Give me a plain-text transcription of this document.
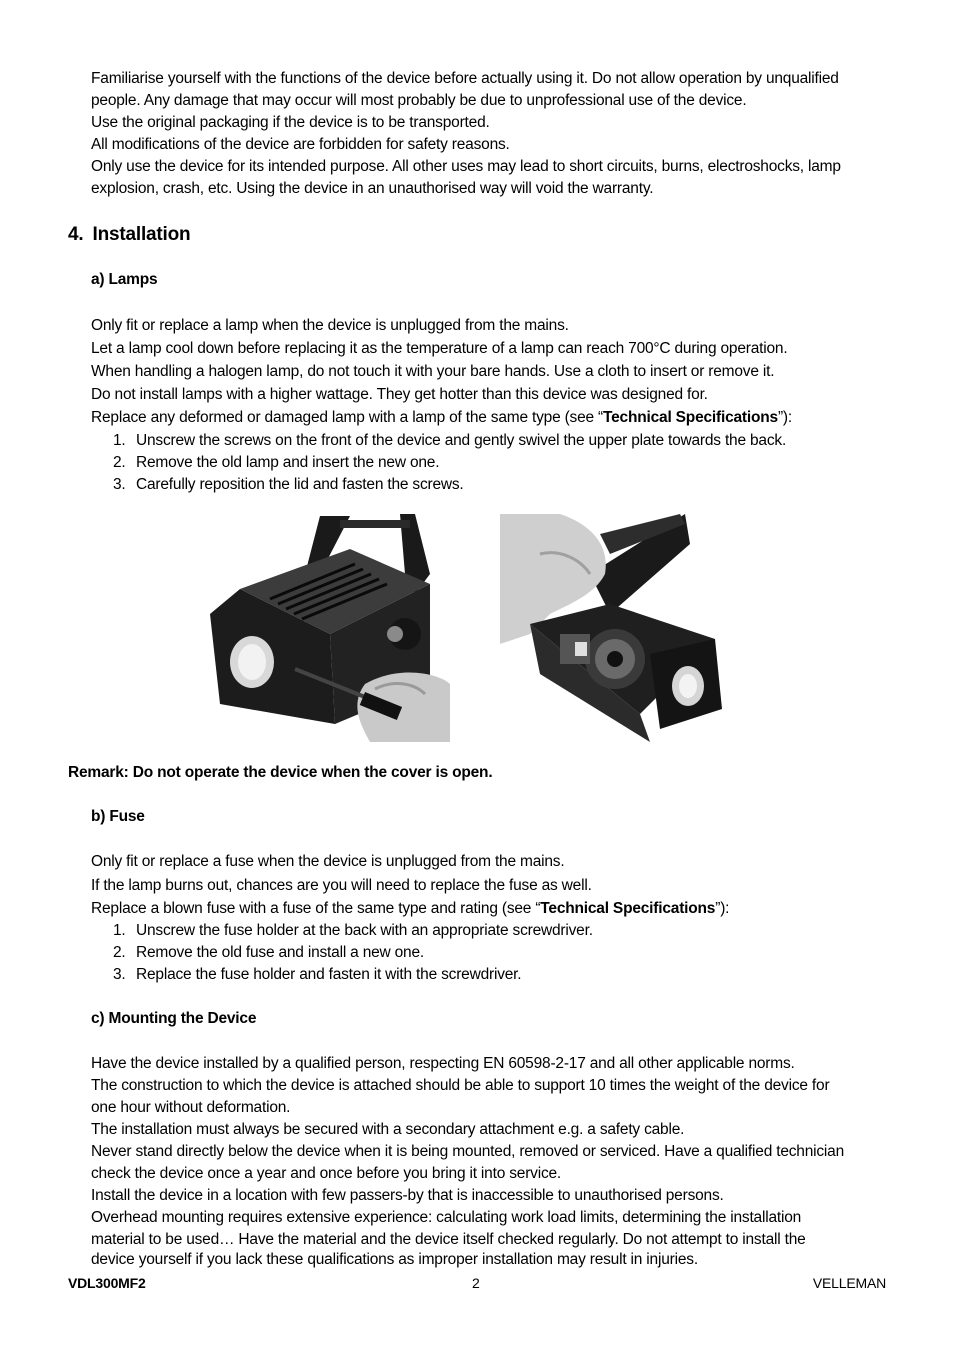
Familiarise yourself with the functions of the device before actually using it. Do not allow operation by unqualified
people. Any damage that may occur will most probably be due to unprofessional use of the device.
Use the original packaging if the device is to be transported.
All modifications of the device are forbidden for safety reasons.
Only use the device for its intended purpose. All other uses may lead to short circuits, burns, electroshocks, lamp
explosion, crash, etc. Using the device in an unauthorised way will void the warranty.
4. Installation
a) Lamps
Only fit or replace a lamp when the device is unplugged from the mains.
Let a lamp cool down before replacing it as the temperature of a lamp can reach 700°C during operation.
When handling a halogen lamp, do not touch it with your bare hands. Use a cloth to insert or remove it.
Do not install lamps with a higher wattage. They get hotter than this device was designed for.
Replace any deformed or damaged lamp with a lamp of the same type (see “Technical Specifications”):
1. Unscrew the screws on the front of the device and gently swivel the upper plate towards the back.
2. Remove the old lamp and insert the new one.
3. Carefully reposition the lid and fasten the screws.
Remark: Do not operate the device when the cover is open.
b) Fuse
Only fit or replace a fuse when the device is unplugged from the mains.
If the lamp burns out, chances are you will need to replace the fuse as well.
Replace a blown fuse with a fuse of the same type and rating (see “Technical Specifications”):
1. Unscrew the fuse holder at the back with an appropriate screwdriver.
2. Remove the old fuse and install a new one.
3. Replace the fuse holder and fasten it with the screwdriver.
c) Mounting the Device
Have the device installed by a qualified person, respecting EN 60598-2-17 and all other applicable norms.
The construction to which the device is attached should be able to support 10 times the weight of the device for
one hour without deformation.
The installation must always be secured with a secondary attachment e.g. a safety cable.
Never stand directly below the device when it is being mounted, removed or serviced. Have a qualified technician
check the device once a year and once before you bring it into service.
Install the device in a location with few passers-by that is inaccessible to unauthorised persons.
Overhead mounting requires extensive experience: calculating work load limits, determining the installation
material to be used… Have the material and the device itself checked regularly. Do not attempt to install the
device yourself if you lack these qualifications as improper installation may result in injuries.
VDL300MF2	2	VELLEMAN
